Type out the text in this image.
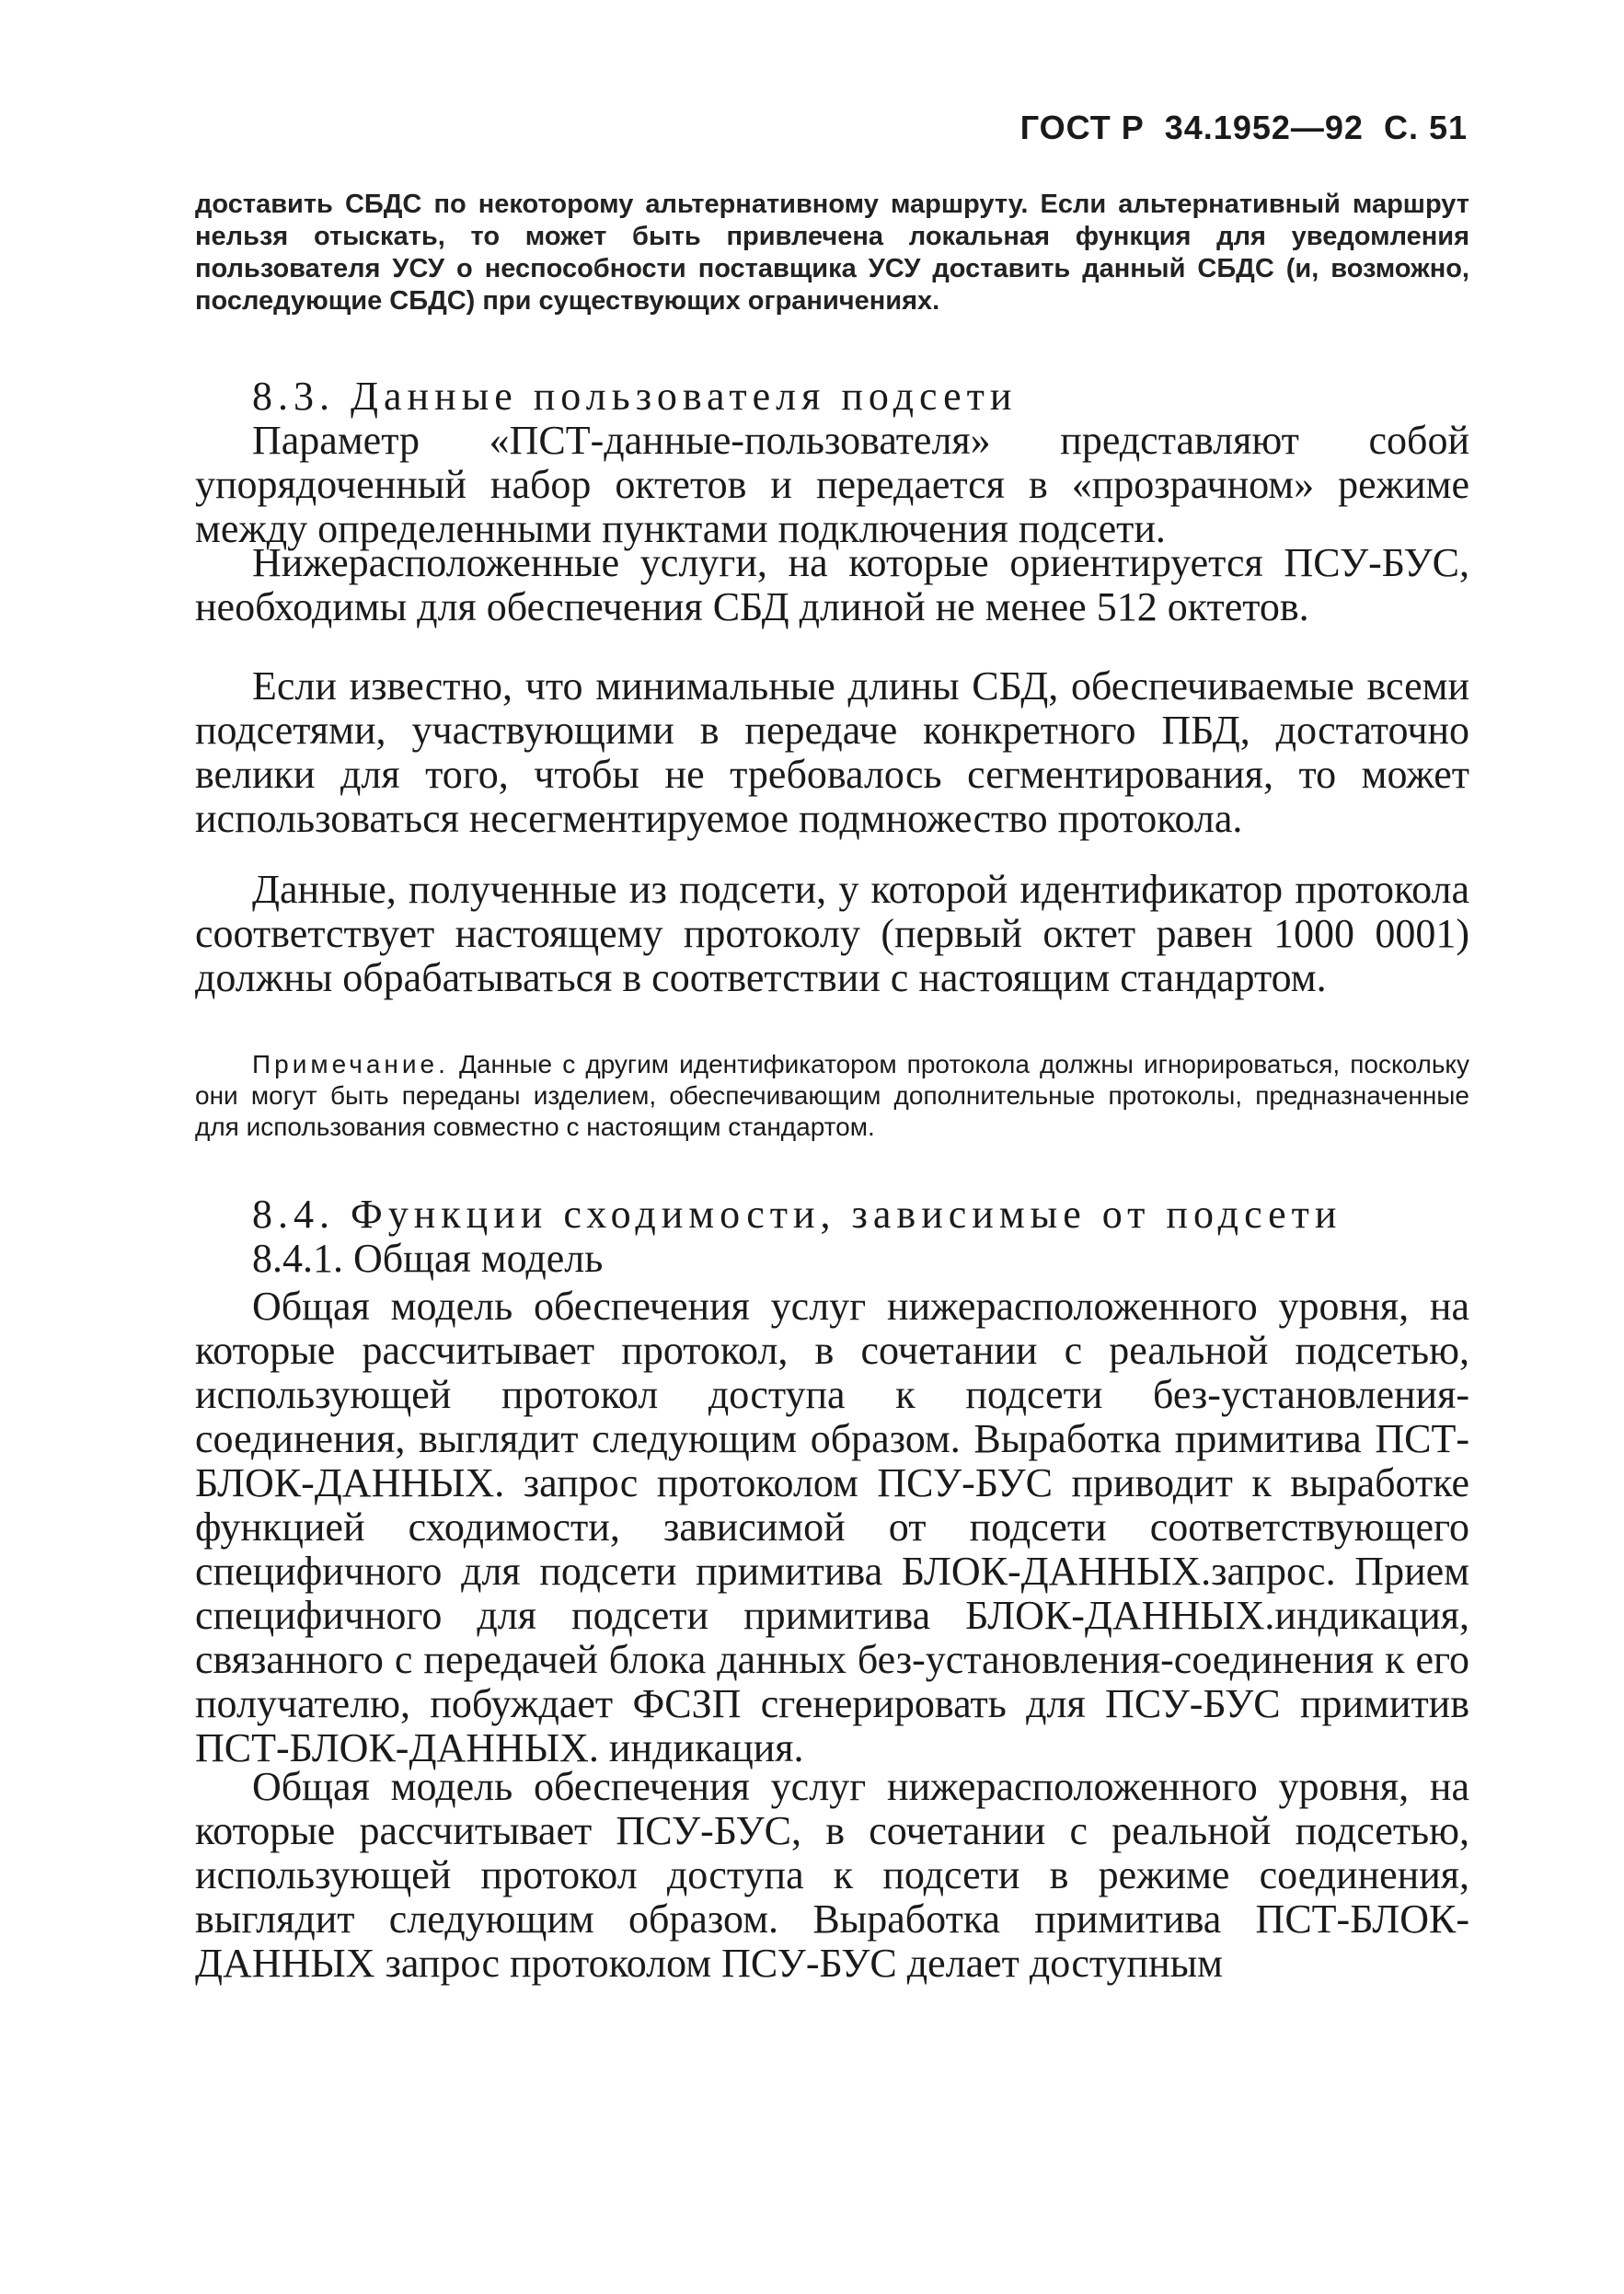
ГОСТ Р 34.1952—92 С. 51

доставить СБДС по некоторому альтернативному маршруту. Если альтернативный маршрут нельзя отыскать, то может быть привлечена локальная функция для уведомления пользователя УСУ о неспособности поставщика УСУ доставить данный СБДС (и, возможно, последующие СБДС) при существующих ограничениях.

8.3. Данные пользователя подсети

Параметр «ПСТ-данные-пользователя» представляют собой упорядоченный набор октетов и передается в «прозрачном» режиме между определенными пунктами подключения подсети.

Нижерасположенные услуги, на которые ориентируется ПСУ-БУС, необходимы для обеспечения СБД длиной не менее 512 октетов.

Если известно, что минимальные длины СБД, обеспечиваемые всеми подсетями, участвующими в передаче конкретного ПБД, достаточно велики для того, чтобы не требовалось сегментирования, то может использоваться несегментируемое подмножество протокола.

Данные, полученные из подсети, у которой идентификатор протокола соответствует настоящему протоколу (первый октет равен 1000 0001) должны обрабатываться в соответствии с настоящим стандартом.

Примечание. Данные с другим идентификатором протокола должны игнорироваться, поскольку они могут быть переданы изделием, обеспечивающим дополнительные протоколы, предназначенные для использования совместно с настоящим стандартом.

8.4. Функции сходимости, зависимые от подсети
8.4.1. Общая модель

Общая модель обеспечения услуг нижерасположенного уровня, на которые рассчитывает протокол, в сочетании с реальной подсетью, использующей протокол доступа к подсети без-установления-соединения, выглядит следующим образом. Выработка примитива ПСТ-БЛОК-ДАННЫХ. запрос протоколом ПСУ-БУС приводит к выработке функцией сходимости, зависимой от подсети соответствующего специфичного для подсети примитива БЛОК-ДАННЫХ.запрос. Прием специфичного для подсети примитива БЛОК-ДАННЫХ.индикация, связанного с передачей блока данных без-установления-соединения к его получателю, побуждает ФСЗП сгенерировать для ПСУ-БУС примитив ПСТ-БЛОК-ДАННЫХ. индикация.

Общая модель обеспечения услуг нижерасположенного уровня, на которые рассчитывает ПСУ-БУС, в сочетании с реальной подсетью, использующей протокол доступа к подсети в режиме соединения, выглядит следующим образом. Выработка примитива ПСТ-БЛОК-ДАННЫХ запрос протоколом ПСУ-БУС делает доступным
